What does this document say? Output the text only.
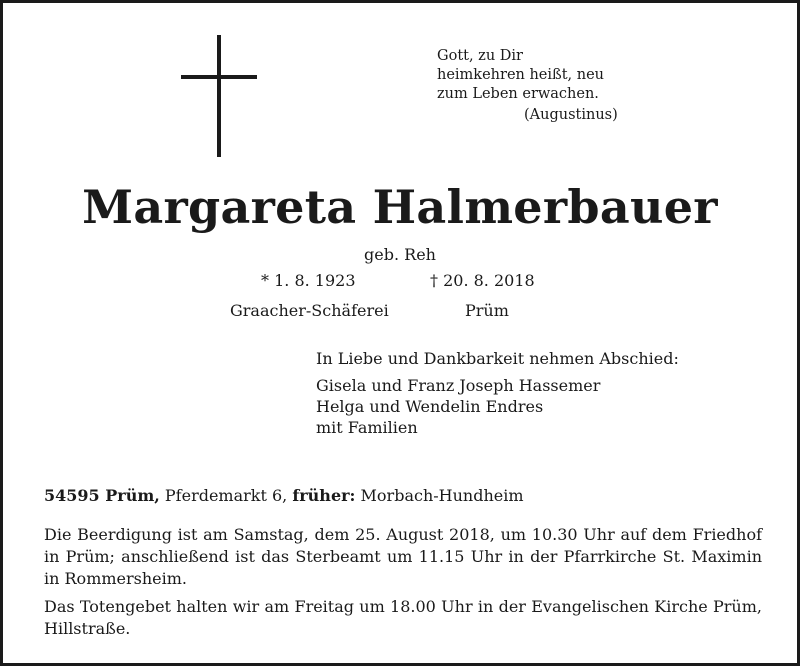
Gott, zu Dir
heimkehren heißt, neu
zum Leben erwachen.
(Augustinus)
Margareta Halmerbauer
geb. Reh
* 1. 8. 1923	† 20. 8. 2018
Graacher-Schäferei	Prüm
In Liebe und Dankbarkeit nehmen Abschied:
Gisela und Franz Joseph Hassemer
Helga und Wendelin Endres
mit Familien
54595 Prüm, Pferdemarkt 6, früher: Morbach-Hundheim
Die Beerdigung ist am Samstag, dem 25. August 2018, um 10.30 Uhr auf dem Friedhof in Prüm; anschließend ist das Sterbeamt um 11.15 Uhr in der Pfarrkirche St. Maximin in Rommersheim.
Das Totengebet halten wir am Freitag um 18.00 Uhr in der Evangelischen Kirche Prüm, Hillstraße.
